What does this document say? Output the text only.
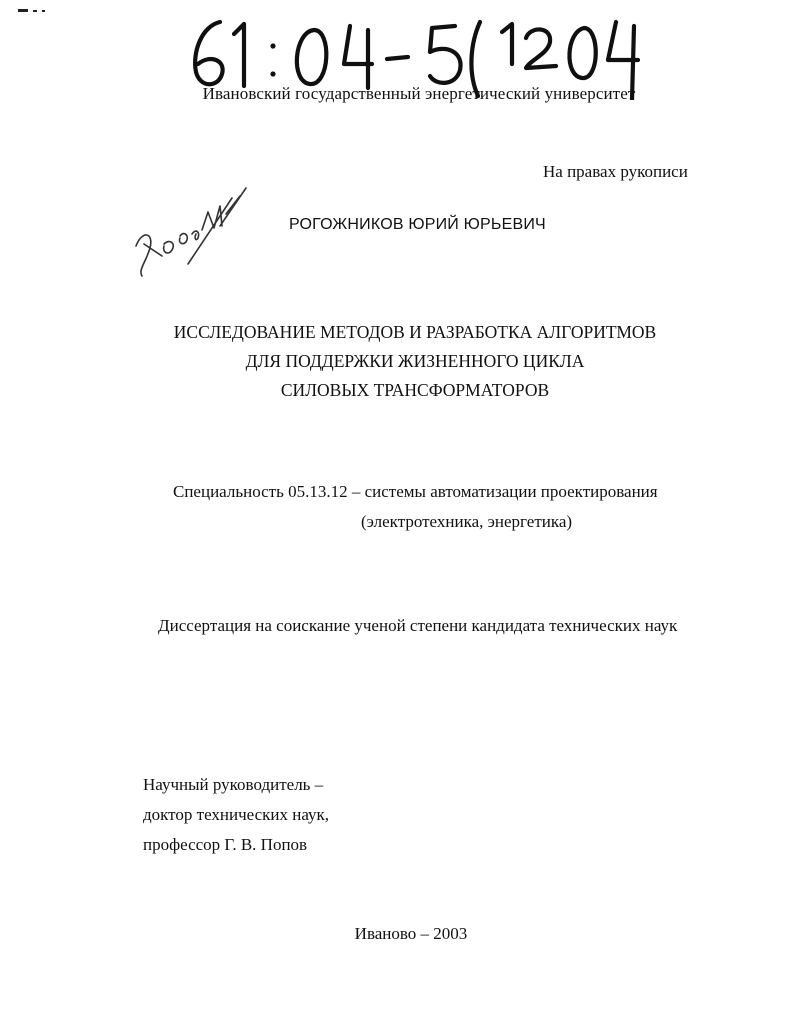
Ивановский государственный энергетический университет

На правах рукописи

РОГОЖНИКОВ ЮРИЙ ЮРЬЕВИЧ

ИССЛЕДОВАНИЕ МЕТОДОВ И РАЗРАБОТКА АЛГОРИТМОВ
ДЛЯ ПОДДЕРЖКИ ЖИЗНЕННОГО ЦИКЛА
СИЛОВЫХ ТРАНСФОРМАТОРОВ

Специальность 05.13.12 – системы автоматизации проектирования

(электротехника, энергетика)

Диссертация на соискание ученой степени кандидата технических наук

Научный руководитель –
доктор технических наук,
профессор Г. В. Попов

Иваново – 2003
